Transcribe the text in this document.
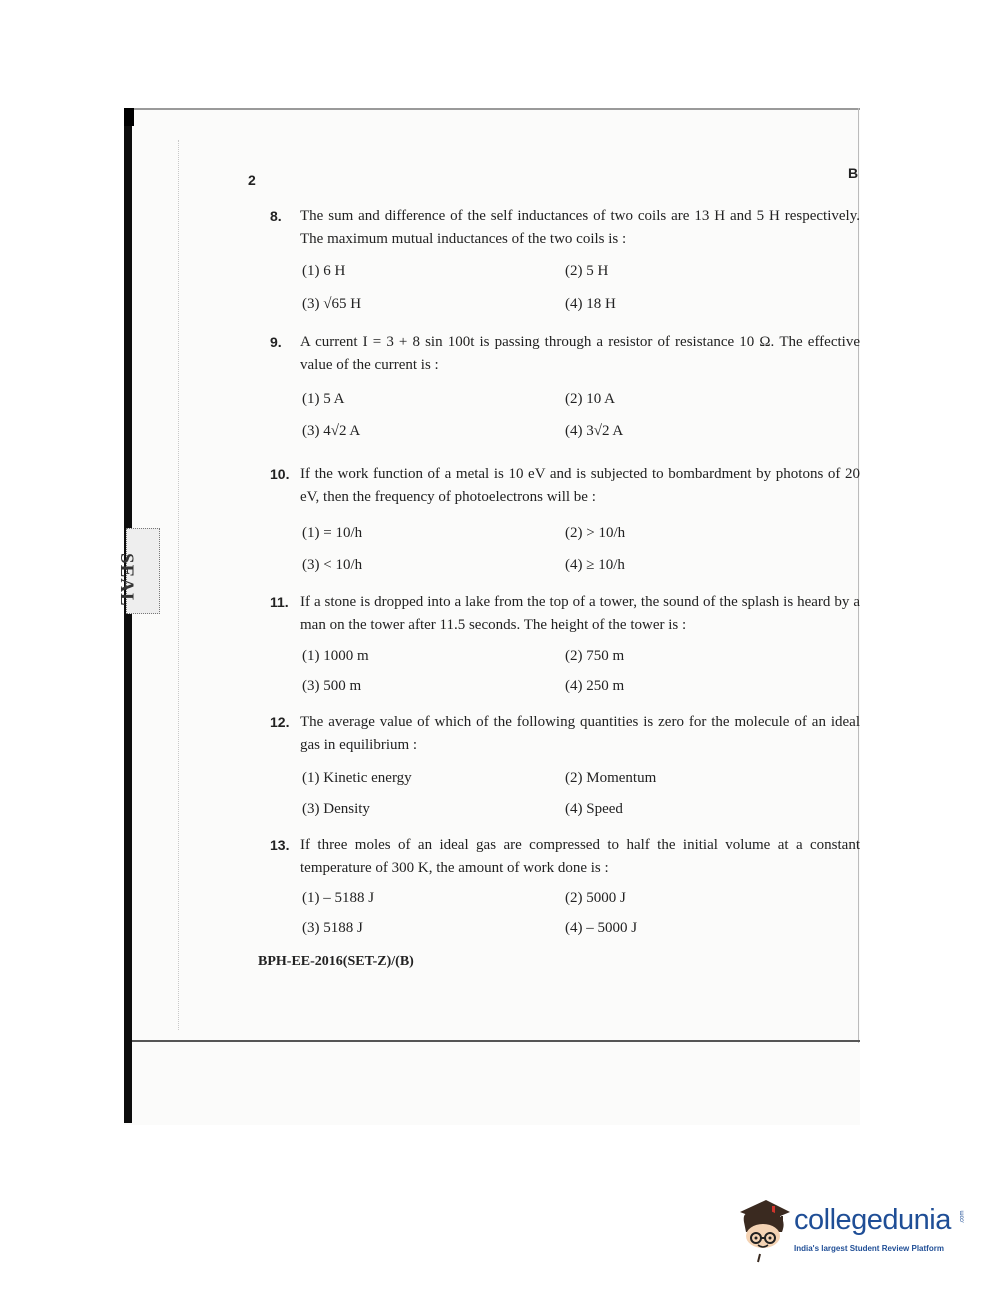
SEAL
2	B
8.	The sum and difference of the self inductances of two coils are 13 H and 5 H respectively. The maximum mutual inductances of the two coils is :
(1) 6 H	(2) 5 H
(3) √65 H	(4) 18 H
9.	A current I = 3 + 8 sin 100t is passing through a resistor of resistance 10 Ω. The effective value of the current is :
(1) 5 A	(2) 10 A
(3) 4√2 A	(4) 3√2 A
10. If the work function of a metal is 10 eV and is subjected to bombardment by photons of 20 eV, then the frequency of photoelectrons will be :
(1) = 10/h	(2) > 10/h
(3) < 10/h	(4) ≥ 10/h
11. If a stone is dropped into a lake from the top of a tower, the sound of the splash is heard by a man on the tower after 11.5 seconds. The height of the tower is :
(1) 1000 m	(2) 750 m
(3) 500 m	(4) 250 m
12. The average value of which of the following quantities is zero for the molecule of an ideal gas in equilibrium :
(1) Kinetic energy	(2) Momentum
(3) Density	(4) Speed
13. If three moles of an ideal gas are compressed to half the initial volume at a constant temperature of 300 K, the amount of work done is :
(1) – 5188 J	(2) 5000 J
(3) 5188 J	(4) – 5000 J
BPH-EE-2016(SET-Z)/(B)
collegedunia .com
India's largest Student Review Platform
